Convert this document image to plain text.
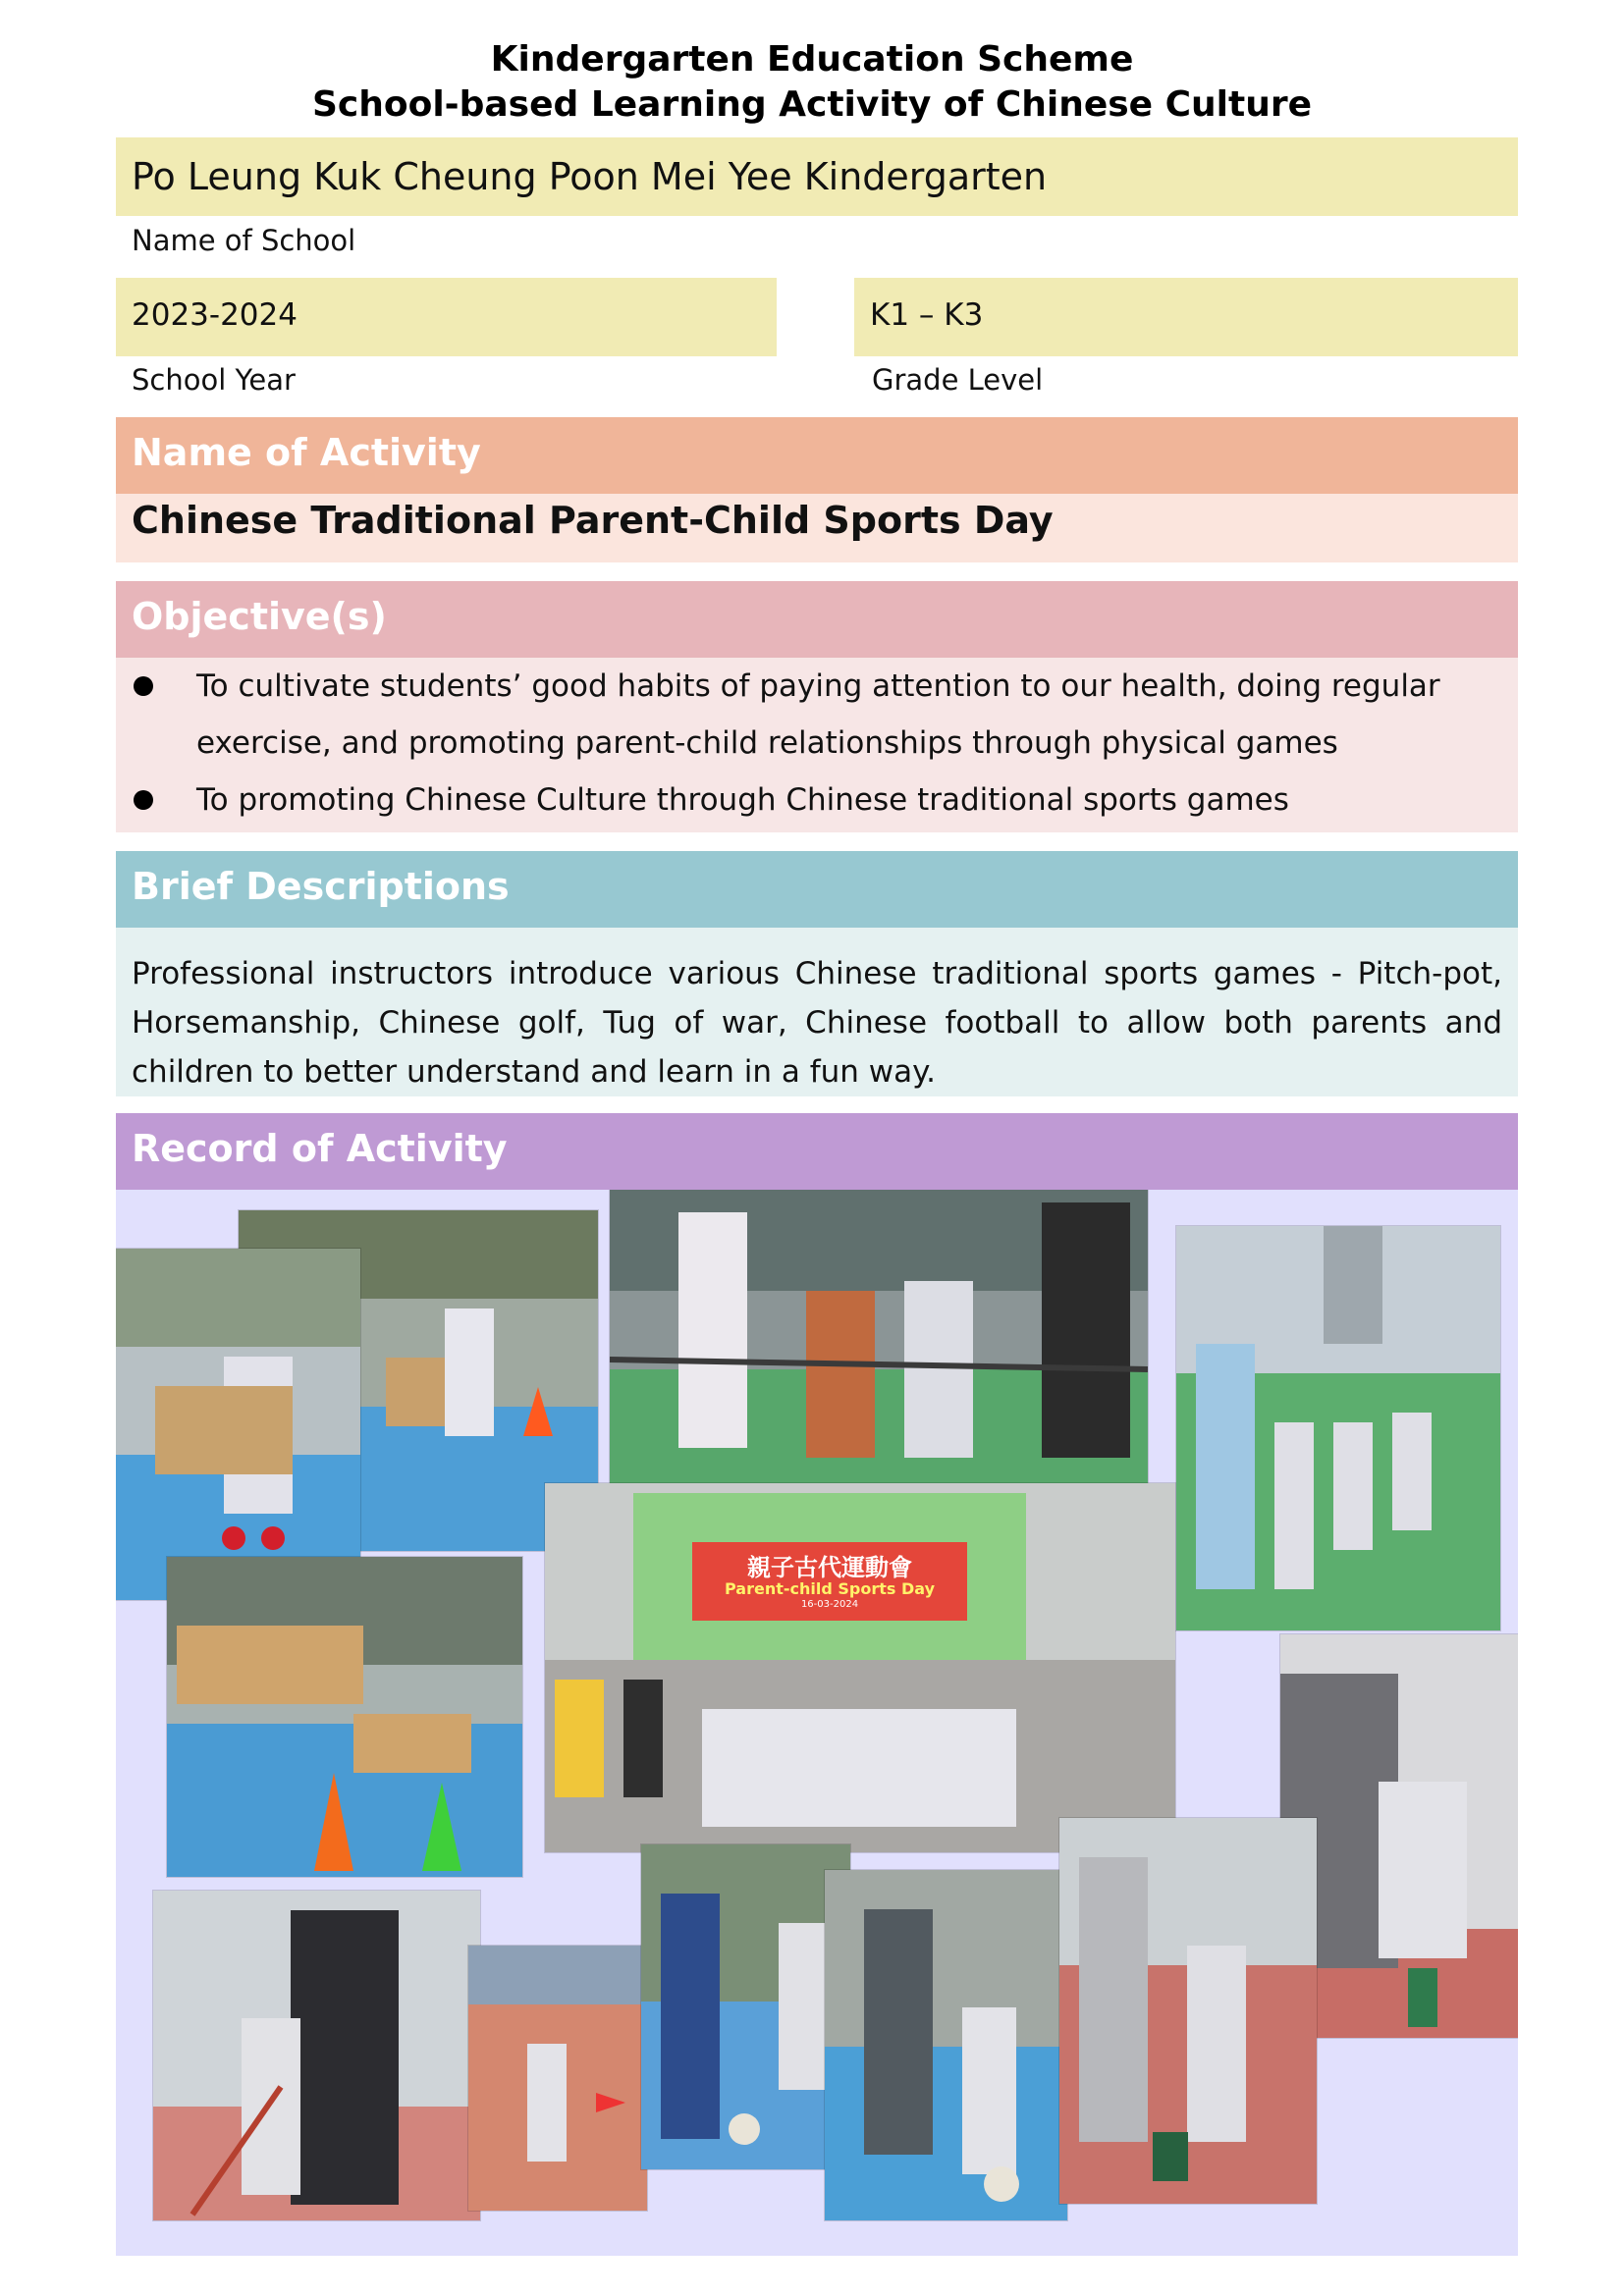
Kindergarten Education Scheme
School-based Learning Activity of Chinese Culture
Po Leung Kuk Cheung Poon Mei Yee Kindergarten
Name of School
2023-2024
School Year
K1 – K3
Grade Level
Name of Activity
Chinese Traditional Parent-Child Sports Day
Objective(s)
To cultivate students’ good habits of paying attention to our health, doing regular
exercise, and promoting parent-child relationships through physical games
To promoting Chinese Culture through Chinese traditional sports games
Brief Descriptions
Professional instructors introduce various Chinese traditional sports games - Pitch-pot, Horsemanship, Chinese golf, Tug of war, Chinese football to allow both parents and children to better understand and learn in a fun way.
Record of Activity
親子古代運動會
Parent-child Sports Day
16-03-2024
